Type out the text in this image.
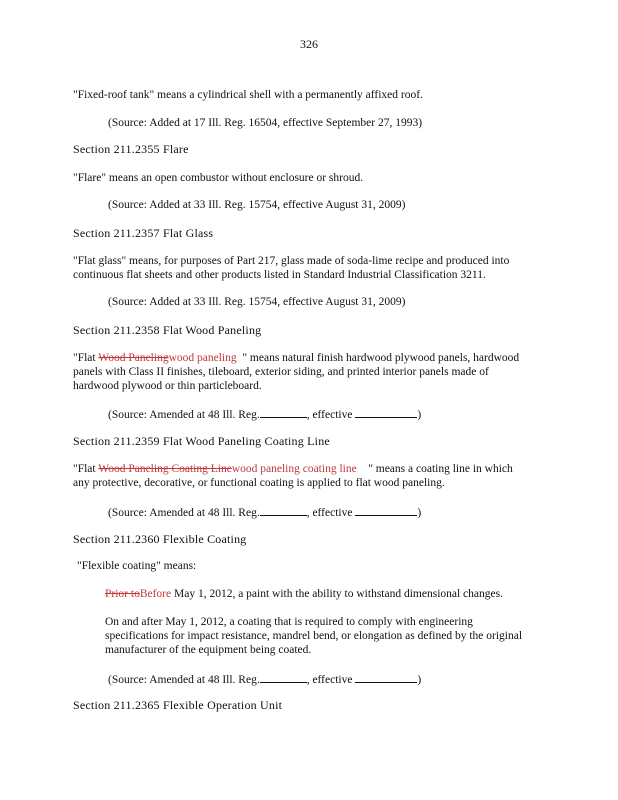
326
"Fixed-roof tank" means a cylindrical shell with a permanently affixed roof.
(Source: Added at 17 Ill. Reg. 16504, effective September 27, 1993)
Section 211.2355 Flare
"Flare" means an open combustor without enclosure or shroud.
(Source: Added at 33 Ill. Reg. 15754, effective August 31, 2009)
Section 211.2357 Flat Glass
"Flat glass" means, for purposes of Part 217, glass made of soda-lime recipe and produced into
continuous flat sheets and other products listed in Standard Industrial Classification 3211.
(Source: Added at 33 Ill. Reg. 15754, effective August 31, 2009)
Section 211.2358 Flat Wood Paneling
"Flat Wood Panelingwood paneling " means natural finish hardwood plywood panels, hardwood
panels with Class II finishes, tileboard, exterior siding, and printed interior panels made of
hardwood plywood or thin particleboard.
(Source: Amended at 48 Ill. Reg.	, effective	)
Section 211.2359 Flat Wood Paneling Coating Line
"Flat Wood Paneling Coating Linewood paneling coating line " means a coating line in which
any protective, decorative, or functional coating is applied to flat wood paneling.
(Source: Amended at 48 Ill. Reg.	, effective	)
Section 211.2360 Flexible Coating
"Flexible coating" means:
Prior toBefore May 1, 2012, a paint with the ability to withstand dimensional changes.
On and after May 1, 2012, a coating that is required to comply with engineering
specifications for impact resistance, mandrel bend, or elongation as defined by the original
manufacturer of the equipment being coated.
(Source: Amended at 48 Ill. Reg.	, effective	)
Section 211.2365 Flexible Operation Unit
